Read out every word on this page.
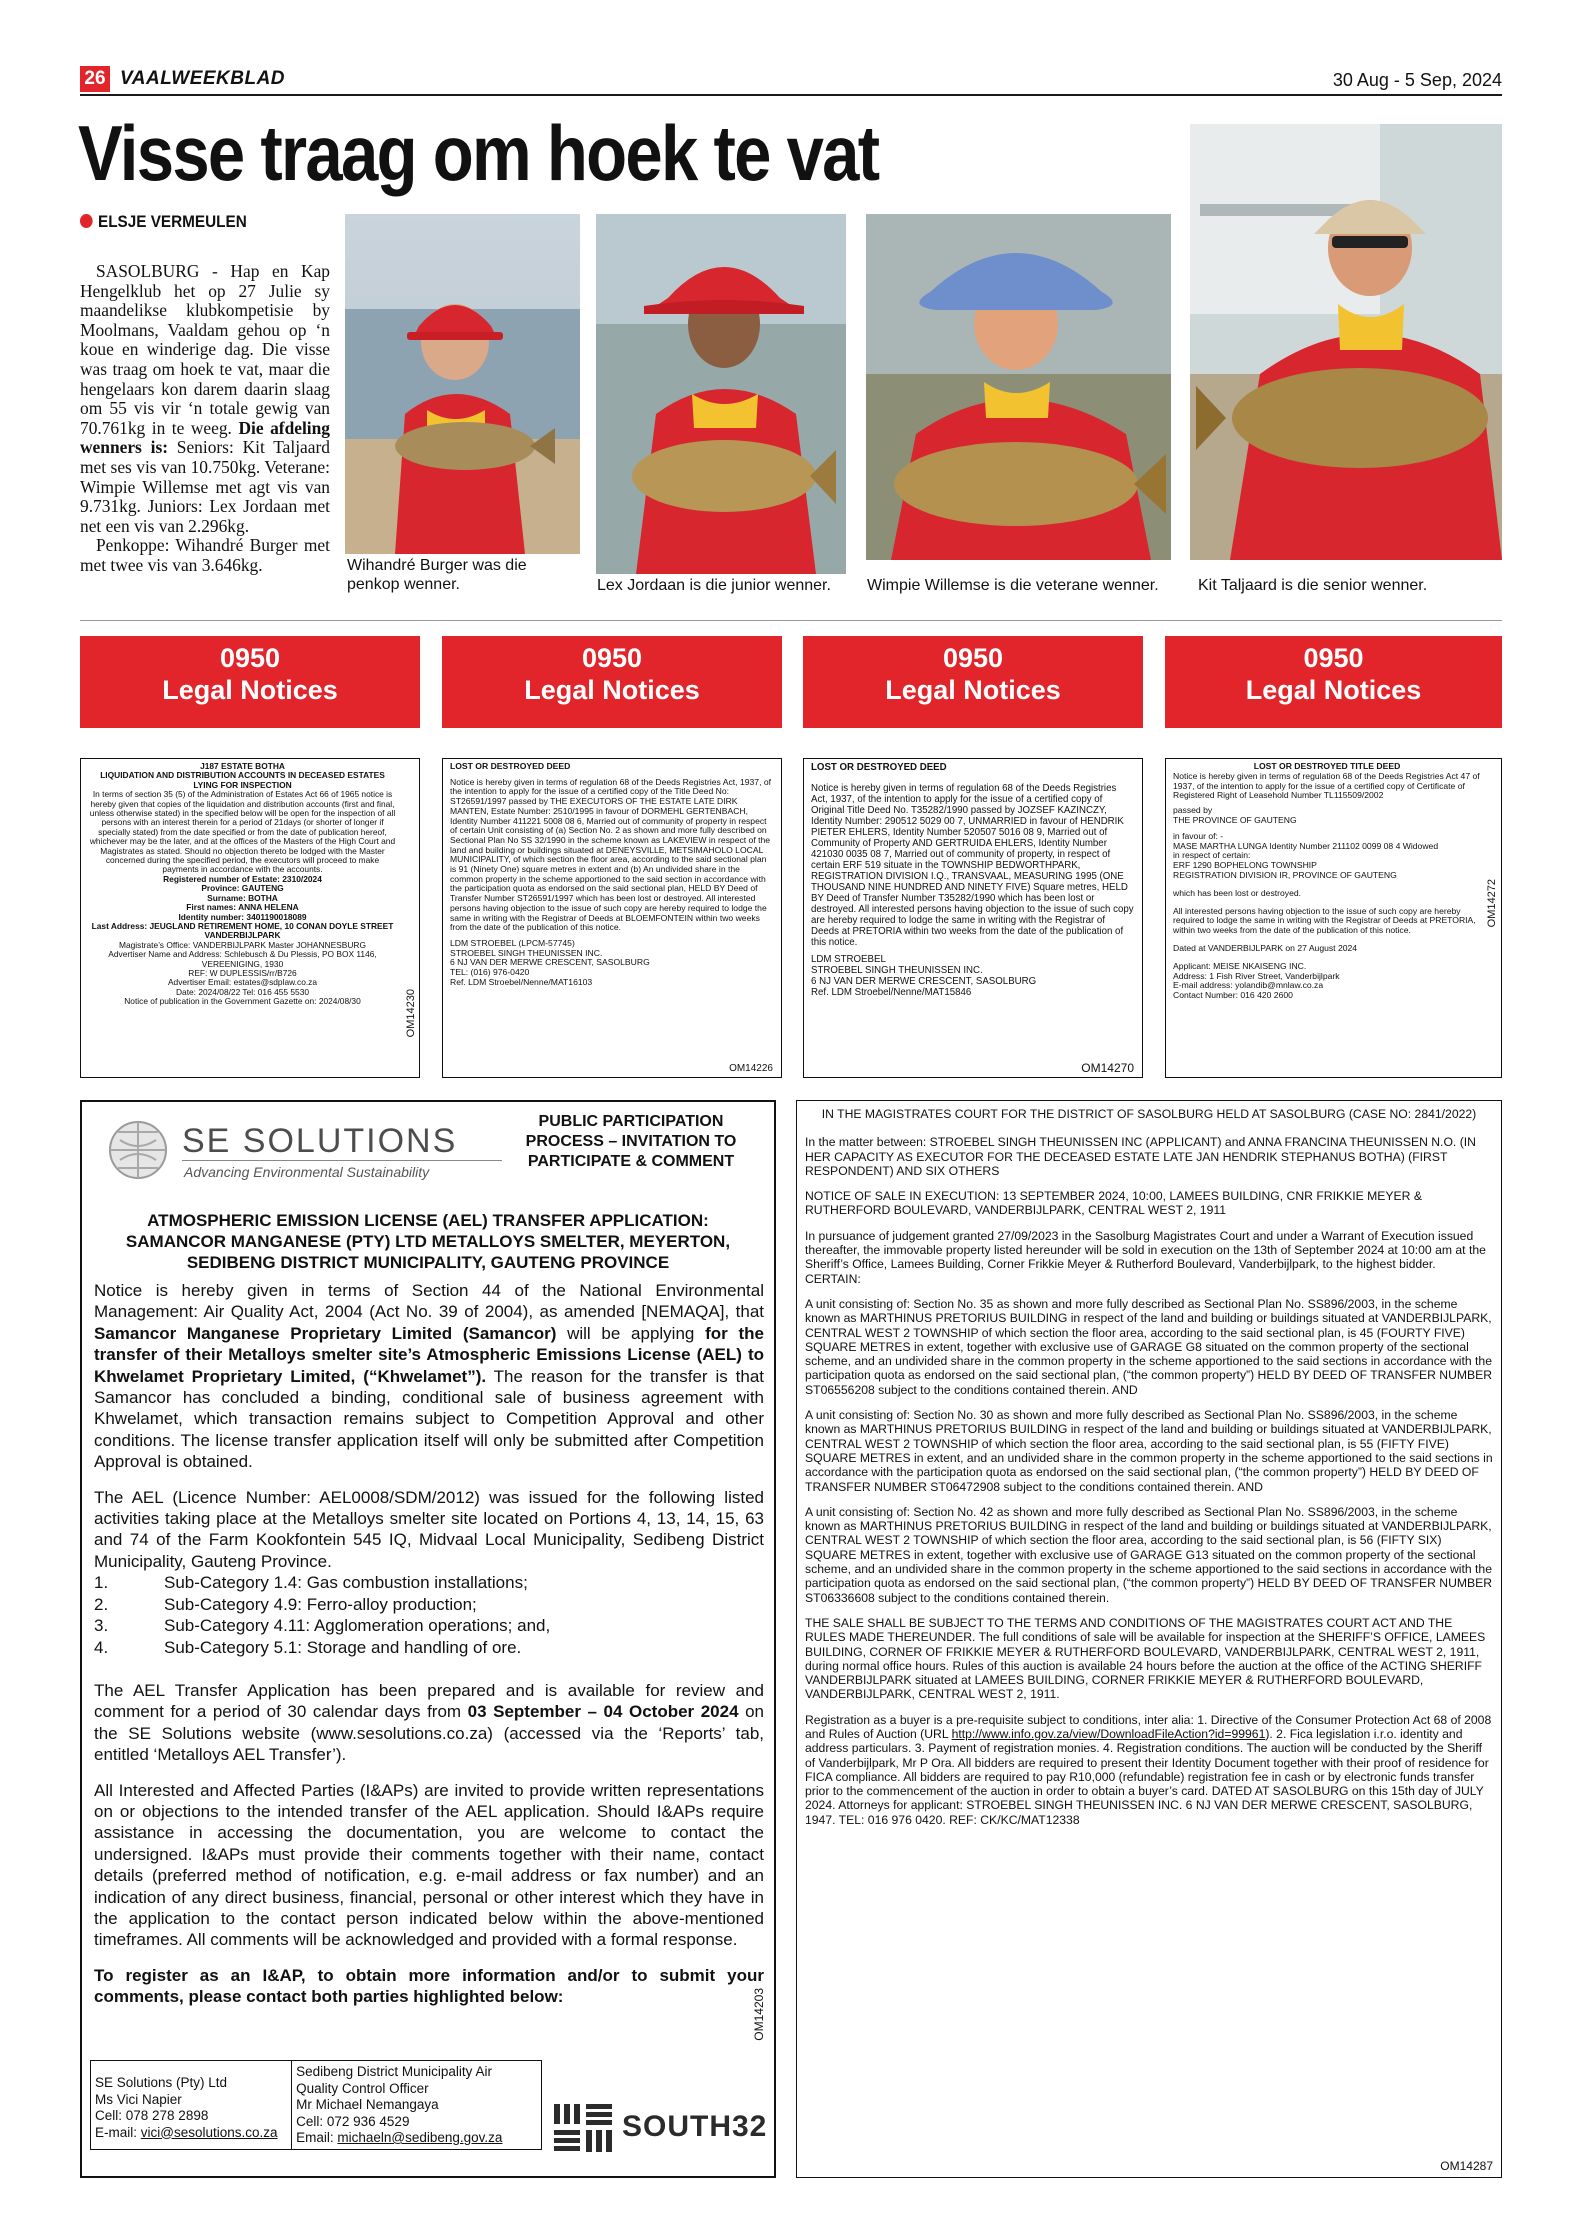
26 VAALWEEKBLAD	30 Aug - 5 Sep, 2024
Visse traag om hoek te vat
ELSJE VERMEULEN

SASOLBURG - Hap en Kap Hengelklub het op 27 Julie sy maandelikse klubkompetisie by Moolmans, Vaaldam gehou op ‘n koue en winderige dag. Die visse was traag om hoek te vat, maar die hengelaars kon darem daarin slaag om 55 vis vir ‘n totale gewig van 70.761kg in te weeg. Die afdeling wenners is: Seniors: Kit Taljaard met ses vis van 10.750kg. Veterane: Wimpie Willemse met agt vis van 9.731kg. Juniors: Lex Jordaan met net een vis van 2.296kg.

Penkoppe: Wihandré Burger met met twee vis van 3.646kg.	Wihandré Burger was die penkop wenner.	Lex Jordaan is die junior wenner.	Wimpie Willemse is die veterane wenner.	Kit Taljaard is die senior wenner.
0950
Legal Notices
0950
Legal Notices
0950
Legal Notices
0950
Legal Notices
J187 ESTATE BOTHA
LIQUIDATION AND DISTRIBUTION ACCOUNTS IN DECEASED ESTATES LYING FOR INSPECTION
In terms of section 35 (5) of the Administration of Estates Act 66 of 1965 notice is hereby given that copies of the liquidation and distribution accounts (first and final, unless otherwise stated) in the specified below will be open for the inspection of all persons with an interest therein for a period of 21days (or shorter of longer if specially stated) from the date specified or from the date of publication hereof, whichever may be the later, and at the offices of the Masters of the High Court and Magistrates as stated. Should no objection thereto be lodged with the Master concerned during the specified period, the executors will proceed to make payments in accordance with the accounts.
Registered number of Estate: 2310/2024
Province: GAUTENG
Surname: BOTHA
First names: ANNA HELENA
Identity number: 3401190018089
Last Address: JEUGLAND RETIREMENT HOME, 10 CONAN DOYLE STREET VANDERBIJLPARK
Magistrate’s Office: VANDERBIJLPARK Master JOHANNESBURG
Advertiser Name and Address: Schlebusch & Du Plessis, PO BOX 1146, VEREENIGING, 1930
REF: W DUPLESSIS/rr/B726
Advertiser Email: estates@sdplaw.co.za
Date: 2024/08/22 Tel: 016 455 5530
Notice of publication in the Government Gazette on: 2024/08/30	OM14230
LOST OR DESTROYED DEED

Notice is hereby given in terms of regulation 68 of the Deeds Registries Act, 1937, of the intention to apply for the issue of a certified copy of the Title Deed No: ST26591/1997 passed by THE EXECUTORS OF THE ESTATE LATE DIRK MANTEN, Estate Number: 2510/1995 in favour of DORMEHL GERTENBACH, Identity Number 411221 5008 08 6, Married out of community of property in respect of certain Unit consisting of (a) Section No. 2 as shown and more fully described on Sectional Plan No SS 32/1990 in the scheme known as LAKEVIEW in respect of the land and building or buildings situated at DENEYSVILLE, METSIMAHOLO LOCAL MUNICIPALITY, of which section the floor area, according to the said sectional plan is 91 (Ninety One) square metres in extent and (b) An undivided share in the common property in the scheme apportioned to the said section in accordance with the participation quota as endorsed on the said sectional plan, HELD BY Deed of Transfer Number ST26591/1997 which has been lost or destroyed. All interested persons having objection to the issue of such copy are hereby required to lodge the same in writing with the Registrar of Deeds at BLOEMFONTEIN within two weeks from the date of the publication of this notice.

LDM STROEBEL (LPCM-57745)
STROEBEL SINGH THEUNISSEN INC.
6 NJ VAN DER MERWE CRESCENT, SASOLBURG
TEL: (016) 976-0420
Ref. LDM Stroebel/Nenne/MAT16103
OM14226
LOST OR DESTROYED DEED

Notice is hereby given in terms of regulation 68 of the Deeds Registries Act, 1937, of the intention to apply for the issue of a certified copy of Original Title Deed No. T35282/1990 passed by JOZSEF KAZINCZY, Identity Number: 290512 5029 00 7, UNMARRIED in favour of HENDRIK PIETER EHLERS, Identity Number 520507 5016 08 9, Married out of Community of Property AND GERTRUIDA EHLERS, Identity Number 421030 0035 08 7, Married out of community of property, in respect of certain ERF 519 situate in the TOWNSHIP BEDWORTHPARK, REGISTRATION DIVISION I.Q., TRANSVAAL, MEASURING 1995 (ONE THOUSAND NINE HUNDRED AND NINETY FIVE) Square metres, HELD BY Deed of Transfer Number T35282/1990 which has been lost or destroyed. All interested persons having objection to the issue of such copy are hereby required to lodge the same in writing with the Registrar of Deeds at PRETORIA within two weeks from the date of the publication of this notice.

LDM STROEBEL
STROEBEL SINGH THEUNISSEN INC.
6 NJ VAN DER MERWE CRESCENT, SASOLBURG
Ref. LDM Stroebel/Nenne/MAT15846
OM14270
LOST OR DESTROYED TITLE DEED

Notice is hereby given in terms of regulation 68 of the Deeds Registries Act 47 of 1937, of the intention to apply for the issue of a certified copy of Certificate of Registered Right of Leasehold Number TL115509/2002

passed by
THE PROVINCE OF GAUTENG
in favour of: -
MASE MARTHA LUNGA Identity Number 211102 0099 08 4 Widowed
in respect of certain:
ERF 1290 BOPHELONG TOWNSHIP
REGISTRATION DIVISION IR, PROVINCE OF GAUTENG
which has been lost or destroyed.
All interested persons having objection to the issue of such copy are hereby required to lodge the same in writing with the Registrar of Deeds at PRETORIA, within two weeks from the date of the publication of this notice.
Dated at VANDERBIJLPARK on 27 August 2024
Applicant: MEISE NKAISENG INC.
Address: 1 Fish River Street, Vanderbijlpark
E-mail address: yolandib@mnlaw.co.za
Contact Number: 016 420 2600
OM14272
SE SOLUTIONS
Advancing Environmental Sustainability
PUBLIC PARTICIPATION PROCESS – INVITATION TO PARTICIPATE & COMMENT
ATMOSPHERIC EMISSION LICENSE (AEL) TRANSFER APPLICATION: SAMANCOR MANGANESE (PTY) LTD METALLOYS SMELTER, MEYERTON, SEDIBENG DISTRICT MUNICIPALITY, GAUTENG PROVINCE

Notice is hereby given in terms of Section 44 of the National Environmental Management: Air Quality Act, 2004 (Act No. 39 of 2004), as amended [NEMAQA], that Samancor Manganese Proprietary Limited (Samancor) will be applying for the transfer of their Metalloys smelter site’s Atmospheric Emissions License (AEL) to Khwelamet Proprietary Limited, (“Khwelamet”). The reason for the transfer is that Samancor has concluded a binding, conditional sale of business agreement with Khwelamet, which transaction remains subject to Competition Approval and other conditions. The license transfer application itself will only be submitted after Competition Approval is obtained.

The AEL (Licence Number: AEL0008/SDM/2012) was issued for the following listed activities taking place at the Metalloys smelter site located on Portions 4, 13, 14, 15, 63 and 74 of the Farm Kookfontein 545 IQ, Midvaal Local Municipality, Sedibeng District Municipality, Gauteng Province.

1.	Sub-Category 1.4: Gas combustion installations;
2.	Sub-Category 4.9: Ferro-alloy production;
3.	Sub-Category 4.11: Agglomeration operations; and,
4.	Sub-Category 5.1: Storage and handling of ore.

The AEL Transfer Application has been prepared and is available for review and comment for a period of 30 calendar days from 03 September – 04 October 2024 on the SE Solutions website (www.sesolutions.co.za) (accessed via the ‘Reports’ tab, entitled ‘Metalloys AEL Transfer’).

All Interested and Affected Parties (I&APs) are invited to provide written representations on or objections to the intended transfer of the AEL application. Should I&APs require assistance in accessing the documentation, you are welcome to contact the undersigned. I&APs must provide their comments together with their name, contact details (preferred method of notification, e.g. e-mail address or fax number) and an indication of any direct business, financial, personal or other interest which they have in the application to the contact person indicated below within the above-mentioned timeframes. All comments will be acknowledged and provided with a formal response.

To register as an I&AP, to obtain more information and/or to submit your comments, please contact both parties highlighted below:

SE Solutions (Pty) Ltd
Ms Vici Napier
Cell: 078 278 2898
E-mail: vici@sesolutions.co.za
Sedibeng District Municipality Air Quality Control Officer
Mr Michael Nemangaya
Cell: 072 936 4529
Email: michaeln@sedibeng.gov.za	SOUTH32
OM14203

IN THE MAGISTRATES COURT FOR THE DISTRICT OF SASOLBURG HELD AT SASOLBURG (CASE NO: 2841/2022)

In the matter between: STROEBEL SINGH THEUNISSEN INC (APPLICANT) and ANNA FRANCINA THEUNISSEN N.O. (IN HER CAPACITY AS EXECUTOR FOR THE DECEASED ESTATE LATE JAN HENDRIK STEPHANUS BOTHA) (FIRST RESPONDENT) AND SIX OTHERS

NOTICE OF SALE IN EXECUTION: 13 SEPTEMBER 2024, 10:00, LAMEES BUILDING, CNR FRIKKIE MEYER & RUTHERFORD BOULEVARD, VANDERBIJLPARK, CENTRAL WEST 2, 1911

In pursuance of judgement granted 27/09/2023 in the Sasolburg Magistrates Court and under a Warrant of Execution issued thereafter, the immovable property listed hereunder will be sold in execution on the 13th of September 2024 at 10:00 am at the Sheriff’s Office, Lamees Building, Corner Frikkie Meyer & Rutherford Boulevard, Vanderbijlpark, to the highest bidder. CERTAIN:

A unit consisting of: Section No. 35 as shown and more fully described as Sectional Plan No. SS896/2003, in the scheme known as MARTHINUS PRETORIUS BUILDING in respect of the land and building or buildings situated at VANDERBIJLPARK, CENTRAL WEST 2 TOWNSHIP of which section the floor area, according to the said sectional plan, is 45 (FOURTY FIVE) SQUARE METRES in extent, together with exclusive use of GARAGE G8 situated on the common property of the sectional scheme, and an undivided share in the common property in the scheme apportioned to the said sections in accordance with the participation quota as endorsed on the said sectional plan, (“the common property”) HELD BY DEED OF TRANSFER NUMBER ST06556208 subject to the conditions contained therein. AND

A unit consisting of: Section No. 30 as shown and more fully described as Sectional Plan No. SS896/2003, in the scheme known as MARTHINUS PRETORIUS BUILDING in respect of the land and building or buildings situated at VANDERBIJLPARK, CENTRAL WEST 2 TOWNSHIP of which section the floor area, according to the said sectional plan, is 55 (FIFTY FIVE) SQUARE METRES in extent, and an undivided share in the common property in the scheme apportioned to the said sections in accordance with the participation quota as endorsed on the said sectional plan, (“the common property”) HELD BY DEED OF TRANSFER NUMBER ST06472908 subject to the conditions contained therein. AND

A unit consisting of: Section No. 42 as shown and more fully described as Sectional Plan No. SS896/2003, in the scheme known as MARTHINUS PRETORIUS BUILDING in respect of the land and building or buildings situated at VANDERBIJLPARK, CENTRAL WEST 2 TOWNSHIP of which section the floor area, according to the said sectional plan, is 56 (FIFTY SIX) SQUARE METRES in extent, together with exclusive use of GARAGE G13 situated on the common property of the sectional scheme, and an undivided share in the common property in the scheme apportioned to the said sections in accordance with the participation quota as endorsed on the said sectional plan, (“the common property”) HELD BY DEED OF TRANSFER NUMBER ST06336608 subject to the conditions contained therein.

THE SALE SHALL BE SUBJECT TO THE TERMS AND CONDITIONS OF THE MAGISTRATES COURT ACT AND THE RULES MADE THEREUNDER. The full conditions of sale will be available for inspection at the SHERIFF’S OFFICE, LAMEES BUILDING, CORNER OF FRIKKIE MEYER & RUTHERFORD BOULEVARD, VANDERBIJLPARK, CENTRAL WEST 2, 1911, during normal office hours. Rules of this auction is available 24 hours before the auction at the office of the ACTING SHERIFF VANDERBIJLPARK situated at LAMEES BUILDING, CORNER FRIKKIE MEYER & RUTHERFORD BOULEVARD, VANDERBIJLPARK, CENTRAL WEST 2, 1911.

Registration as a buyer is a pre-requisite subject to conditions, inter alia: 1. Directive of the Consumer Protection Act 68 of 2008 and Rules of Auction (URL http://www.info.gov.za/view/DownloadFileAction?id=99961). 2. Fica legislation i.r.o. identity and address particulars. 3. Payment of registration monies. 4. Registration conditions. The auction will be conducted by the Sheriff of Vanderbijlpark, Mr P Ora. All bidders are required to present their Identity Document together with their proof of residence for FICA compliance. All bidders are required to pay R10,000 (refundable) registration fee in cash or by electronic funds transfer prior to the commencement of the auction in order to obtain a buyer’s card. DATED AT SASOLBURG on this 15th day of JULY 2024. Attorneys for applicant: STROEBEL SINGH THEUNISSEN INC. 6 NJ VAN DER MERWE CRESCENT, SASOLBURG, 1947. TEL: 016 976 0420. REF: CK/KC/MAT12338

OM14287
